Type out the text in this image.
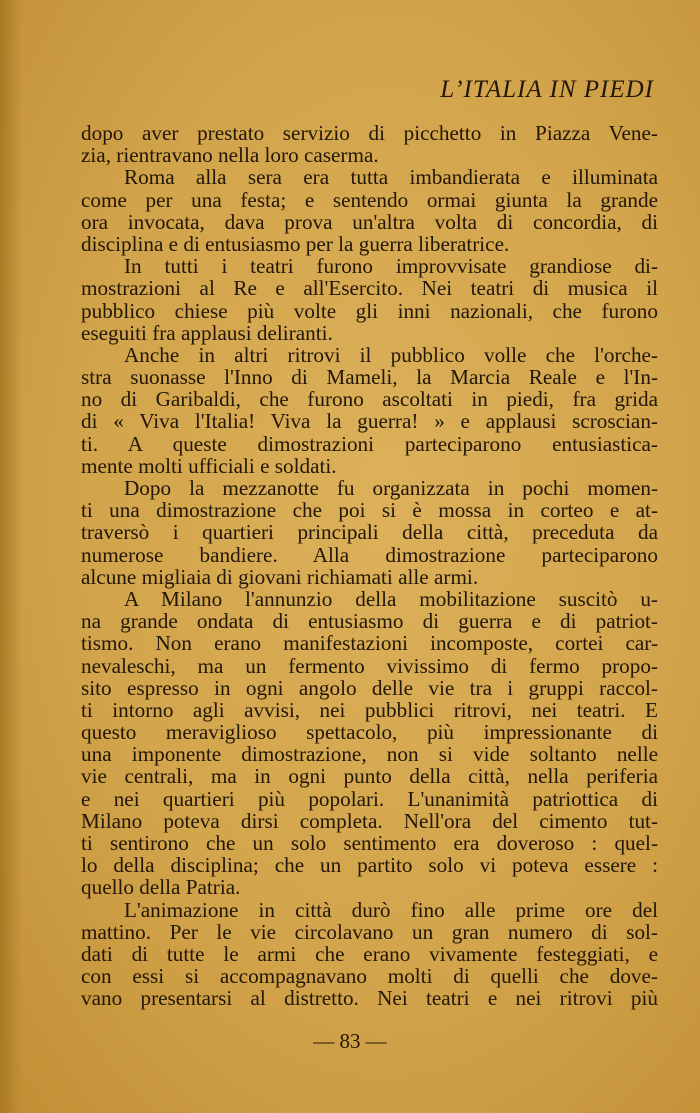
L’ITALIA IN PIEDI
dopo aver prestato servizio di picchetto in Piazza Vene-
zia, rientravano nella loro caserma.
Roma alla sera era tutta imbandierata e illuminata
come per una festa; e sentendo ormai giunta la grande
ora invocata, dava prova un'altra volta di concordia, di
disciplina e di entusiasmo per la guerra liberatrice.
In tutti i teatri furono improvvisate grandiose di-
mostrazioni al Re e all'Esercito. Nei teatri di musica il
pubblico chiese più volte gli inni nazionali, che furono
eseguiti fra applausi deliranti.
Anche in altri ritrovi il pubblico volle che l'orche-
stra suonasse l'Inno di Mameli, la Marcia Reale e l'In-
no di Garibaldi, che furono ascoltati in piedi, fra grida
di « Viva l'Italia! Viva la guerra! » e applausi scroscian-
ti. A queste dimostrazioni parteciparono entusiastica-
mente molti ufficiali e soldati.
Dopo la mezzanotte fu organizzata in pochi momen-
ti una dimostrazione che poi si è mossa in corteo e at-
traversò i quartieri principali della città, preceduta da
numerose bandiere. Alla dimostrazione parteciparono
alcune migliaia di giovani richiamati alle armi.
A Milano l'annunzio della mobilitazione suscitò u-
na grande ondata di entusiasmo di guerra e di patriot-
tismo. Non erano manifestazioni incomposte, cortei car-
nevaleschi, ma un fermento vivissimo di fermo propo-
sito espresso in ogni angolo delle vie tra i gruppi raccol-
ti intorno agli avvisi, nei pubblici ritrovi, nei teatri. E
questo meraviglioso spettacolo, più impressionante di
una imponente dimostrazione, non si vide soltanto nelle
vie centrali, ma in ogni punto della città, nella periferia
e nei quartieri più popolari. L'unanimità patriottica di
Milano poteva dirsi completa. Nell'ora del cimento tut-
ti sentirono che un solo sentimento era doveroso : quel-
lo della disciplina; che un partito solo vi poteva essere :
quello della Patria.
L'animazione in città durò fino alle prime ore del
mattino. Per le vie circolavano un gran numero di sol-
dati di tutte le armi che erano vivamente festeggiati, e
con essi si accompagnavano molti di quelli che dove-
vano presentarsi al distretto. Nei teatri e nei ritrovi più
— 83 —
